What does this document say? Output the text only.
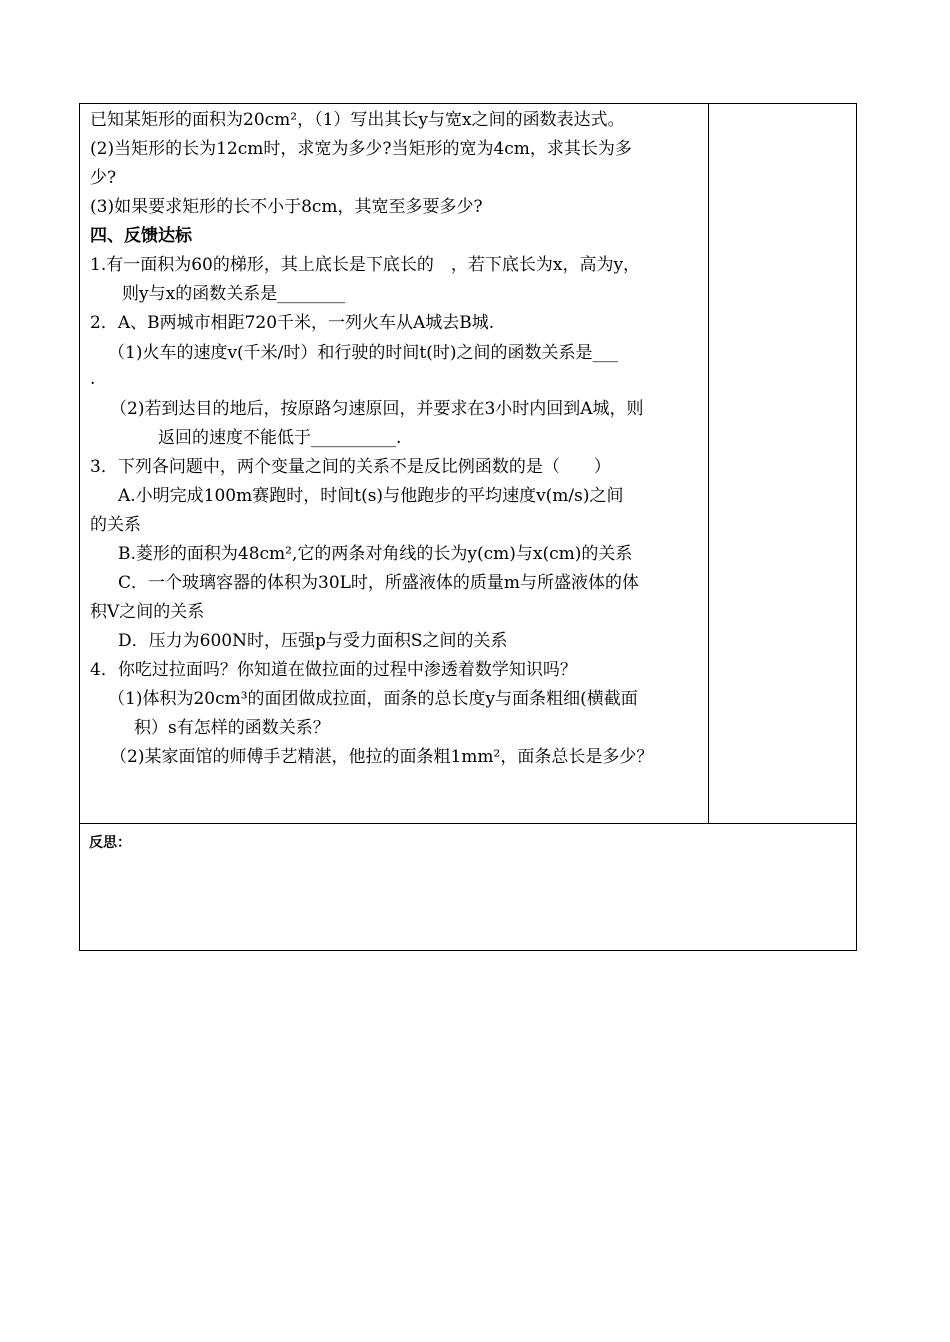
已知某矩形的面积为20cm²，（1）写出其长y与宽x之间的函数表达式。
(2)当矩形的长为12cm时，求宽为多少?当矩形的宽为4cm，求其长为多
少?
(3)如果要求矩形的长不小于8cm，其宽至多要多少?
四、反馈达标
1.有一面积为60的梯形，其上底长是下底长的　，若下底长为x，高为y，
则y与x的函数关系是________
2．A、B两城市相距720千米，一列火车从A城去B城.
（1)火车的速度v(千米/时）和行驶的时间t(时)之间的函数关系是___
.
（2)若到达目的地后，按原路匀速原回，并要求在3小时内回到A城，则
返回的速度不能低于__________.
3．下列各问题中，两个变量之间的关系不是反比例函数的是（　　）
A.小明完成100m赛跑时，时间t(s)与他跑步的平均速度v(m/s)之间
的关系
B.菱形的面积为48cm²,它的两条对角线的长为y(cm)与x(cm)的关系
C．一个玻璃容器的体积为30L时，所盛液体的质量m与所盛液体的体
积V之间的关系
D．压力为600N时，压强p与受力面积S之间的关系
4．你吃过拉面吗？你知道在做拉面的过程中渗透着数学知识吗？
（1)体积为20cm³的面团做成拉面，面条的总长度y与面条粗细(横截面
积）s有怎样的函数关系？
（2)某家面馆的师傅手艺精湛，他拉的面条粗1mm²，面条总长是多少？
反思：
